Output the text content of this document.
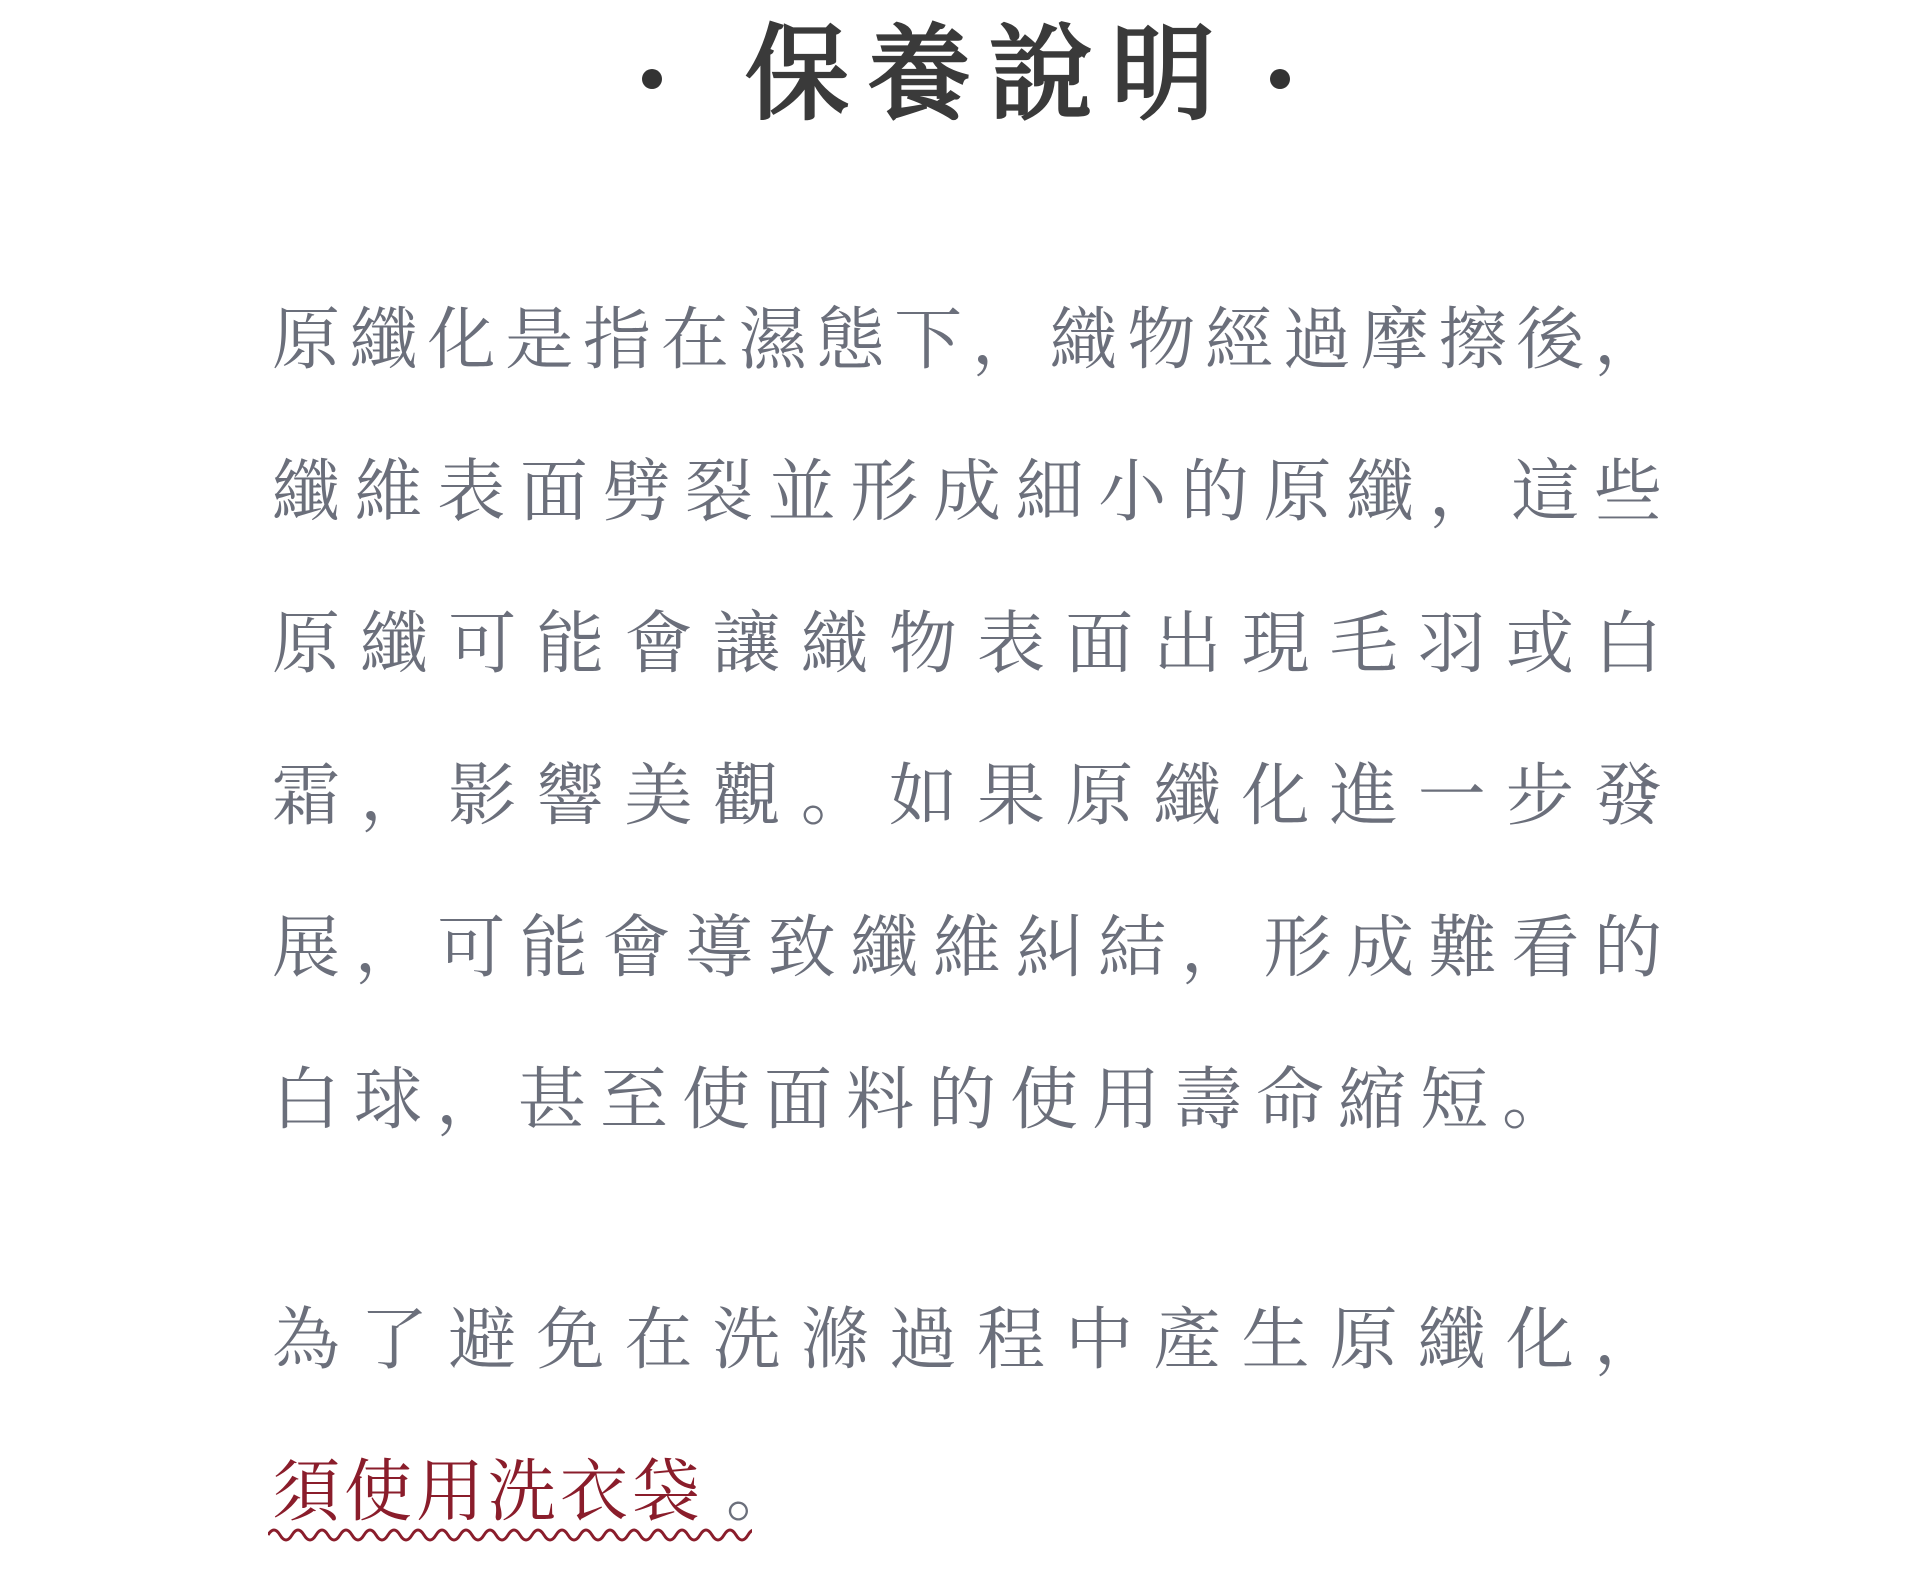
保養說明
原纖化是指在濕態下，織物經過摩擦後，
纖維表面劈裂並形成細小的原纖，這些
原纖可能會讓織物表面出現毛羽或白
霜，影響美觀。如果原纖化進一步發
展，可能會導致纖維糾結，形成難看的
白球，甚至使面料的使用壽命縮短。
為了避免在洗滌過程中產生原纖化，
須使用洗衣袋 。
